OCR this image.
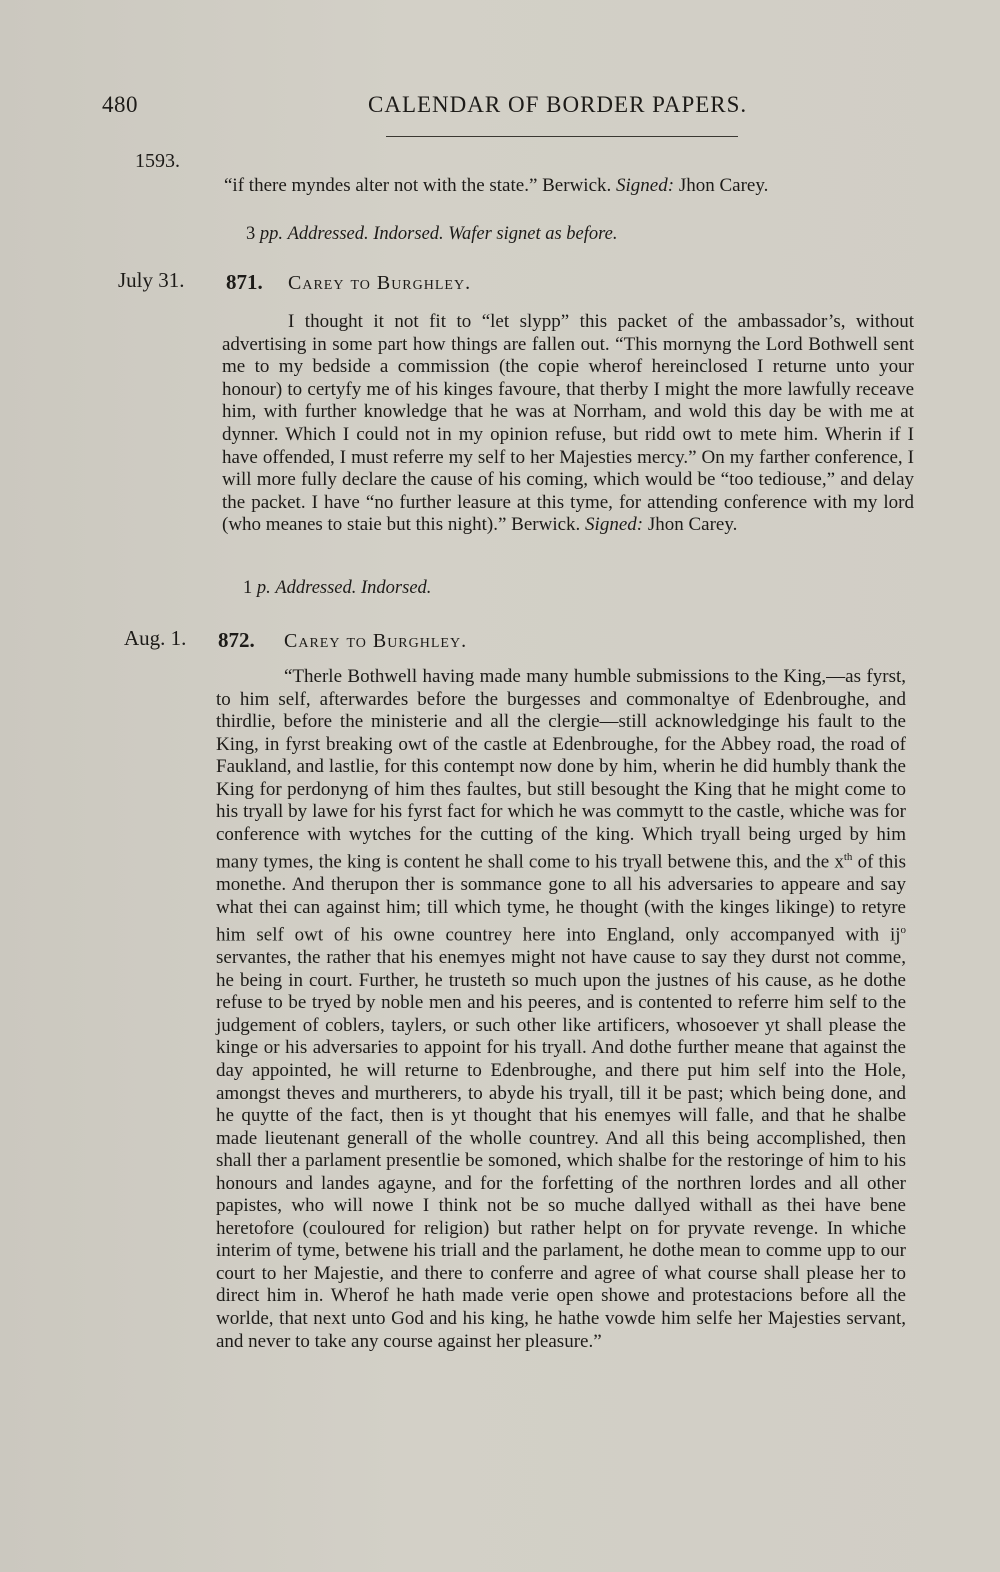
480	CALENDAR OF BORDER PAPERS.
1593.
“if there myndes alter not with the state.” Berwick. Signed: Jhon Carey.
3 pp. Addressed. Indorsed. Wafer signet as before.
July 31. 871. Carey to Burghley.
I thought it not fit to “let slypp” this packet of the ambassador’s, without advertising in some part how things are fallen out. “This mornyng the Lord Bothwell sent me to my bedside a commission (the copie wherof hereinclosed I returne unto your honour) to certyfy me of his kinges favoure, that therby I might the more lawfully receave him, with further knowledge that he was at Norrham, and wold this day be with me at dynner. Which I could not in my opinion refuse, but ridd owt to mete him. Wherin if I have offended, I must referre my self to her Majesties mercy.” On my farther conference, I will more fully declare the cause of his coming, which would be “too tediouse,” and delay the packet. I have “no further leasure at this tyme, for attending conference with my lord (who meanes to staie but this night).” Berwick. Signed: Jhon Carey.
1 p. Addressed. Indorsed.
Aug. 1. 872. Carey to Burghley.
“Therle Bothwell having made many humble submissions to the King,—as fyrst, to him self, afterwardes before the burgesses and commonaltye of Edenbroughe, and thirdlie, before the ministerie and all the clergie—still acknowledginge his fault to the King, in fyrst breaking owt of the castle at Edenbroughe, for the Abbey road, the road of Faukland, and lastlie, for this contempt now done by him, wherin he did humbly thank the King for perdonyng of him thes faultes, but still besought the King that he might come to his tryall by lawe for his fyrst fact for which he was commytt to the castle, whiche was for conference with wytches for the cutting of the king. Which tryall being urged by him many tymes, the king is content he shall come to his tryall betwene this, and the $x^{th}$ of this monethe. And therupon ther is sommance gone to all his adversaries to appeare and say what thei can against him; till which tyme, he thought (with the kinges likinge) to retyre him self owt of his owne countrey here into England, only accompanyed with $ij^o$ servantes, the rather that his enemyes might not have cause to say they durst not comme, he being in court. Further, he trusteth so much upon the justnes of his cause, as he dothe refuse to be tryed by noble men and his peeres, and is contented to referre him self to the judgement of coblers, taylers, or such other like artificers, whosoever yt shall please the kinge or his adversaries to appoint for his tryall. And dothe further meane that against the day appointed, he will returne to Edenbroughe, and there put him self into the Hole, amongst theves and murtherers, to abyde his tryall, till it be past; which being done, and he quytte of the fact, then is yt thought that his enemyes will falle, and that he shalbe made lieutenant generall of the wholle countrey. And all this being accomplished, then shall ther a parlament presentlie be somoned, which shalbe for the restoringe of him to his honours and landes agayne, and for the forfetting of the northren lordes and all other papistes, who will nowe I think not be so muche dallyed withall as thei have bene heretofore (couloured for religion) but rather helpt on for pryvate revenge. In whiche interim of tyme, betwene his triall and the parlament, he dothe mean to comme upp to our court to her Majestie, and there to conferre and agree of what course shall please her to direct him in. Wherof he hath made verie open showe and protestacions before all the worlde, that next unto God and his king, he hathe vowde him selfe her Majesties servant, and never to take any course against her pleasure.”
